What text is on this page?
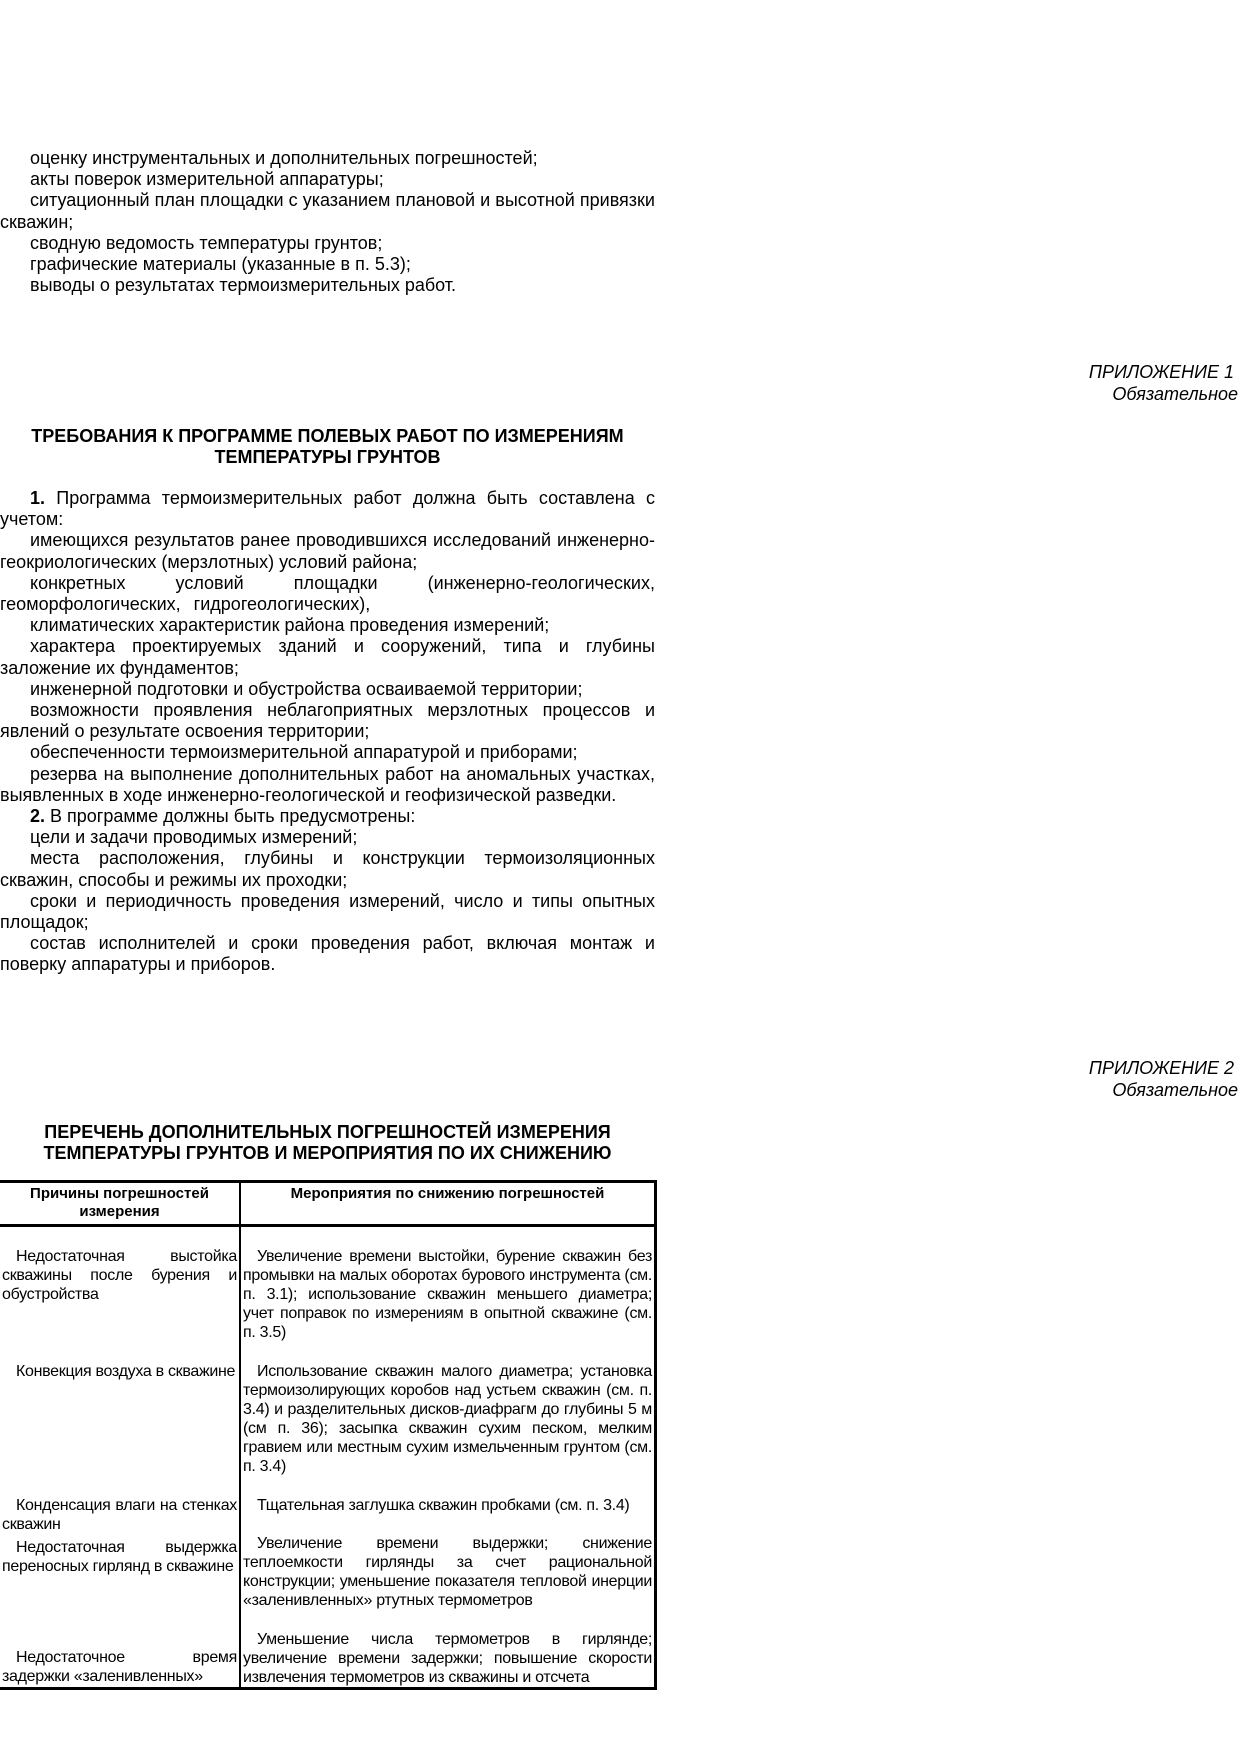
оценку инструментальных и дополнительных погрешностей;

акты поверок измерительной аппаратуры;

ситуационный план площадки с указанием плановой и высотной привязки скважин;

сводную ведомость температуры грунтов;

графические материалы (указанные в п. 5.3);

выводы о результатах термоизмерительных работ.

ПРИЛОЖЕНИЕ 1
Обязательное
ТРЕБОВАНИЯ К ПРОГРАММЕ ПОЛЕВЫХ РАБОТ ПО ИЗМЕРЕНИЯМ ТЕМПЕРАТУРЫ ГРУНТОВ

1. Программа термоизмерительных работ должна быть составлена с учетом:

имеющихся результатов ранее проводившихся исследований инженерно-геокриологических (мерзлотных) условий района;

конкретных условий площадки (инженерно-геологических, геоморфологических, гидрогеологических),

климатических характеристик района проведения измерений;

характера проектируемых зданий и сооружений, типа и глубины заложение их фундаментов;

инженерной подготовки и обустройства осваиваемой территории;

возможности проявления неблагоприятных мерзлотных процессов и явлений о результате освоения территории;

обеспеченности термоизмерительной аппаратурой и приборами;

резерва на выполнение дополнительных работ на аномальных участках, выявленных в ходе инженерно-геологической и геофизической разведки.

2. В программе должны быть предусмотрены:

цели и задачи проводимых измерений;

места расположения, глубины и конструкции термоизоляционных скважин, способы и режимы их проходки;

сроки и периодичность проведения измерений, число и типы опытных площадок;

состав исполнителей и сроки проведения работ, включая монтаж и поверку аппаратуры и приборов.

ПРИЛОЖЕНИЕ 2
Обязательное
ПЕРЕЧЕНЬ ДОПОЛНИТЕЛЬНЫХ ПОГРЕШНОСТЕЙ ИЗМЕРЕНИЯ ТЕМПЕРАТУРЫ ГРУНТОВ И МЕРОПРИЯТИЯ ПО ИХ СНИЖЕНИЮ
Причины погрешностей измерения	Мероприятия по снижению погрешностей

Недостаточная выстойка скважины после бурения и обустройства	Увеличение времени выстойки, бурение скважин без промывки на малых оборотах бурового инструмента (см. п. 3.1); использование скважин меньшего диаметра; учет поправок по измерениям в опытной скважине (см. п. 3.5)

Конвекция воздуха в скважине	Использование скважин малого диаметра; установка термоизолирующих коробов над устьем скважин (см. п. 3.4) и разделительных дисков-диафрагм до глубины 5 м (см п. 36); засыпка скважин сухим песком, мелким гравием или местным сухим измельченным грунтом (см. п. 3.4)

Конденсация влаги на стенках скважин	Тщательная заглушка скважин пробками (см. п. 3.4)

Недостаточная выдержка переносных гирлянд в скважине	Увеличение времени выдержки; снижение теплоемкости гирлянды за счет рациональной конструкции; уменьшение показателя тепловой инерции «заленивленных» ртутных термометров

Недостаточное время задержки «заленивленных»	Уменьшение числа термометров в гирлянде; увеличение времени задержки; повышение скорости извлечения термометров из скважины и отсчета
